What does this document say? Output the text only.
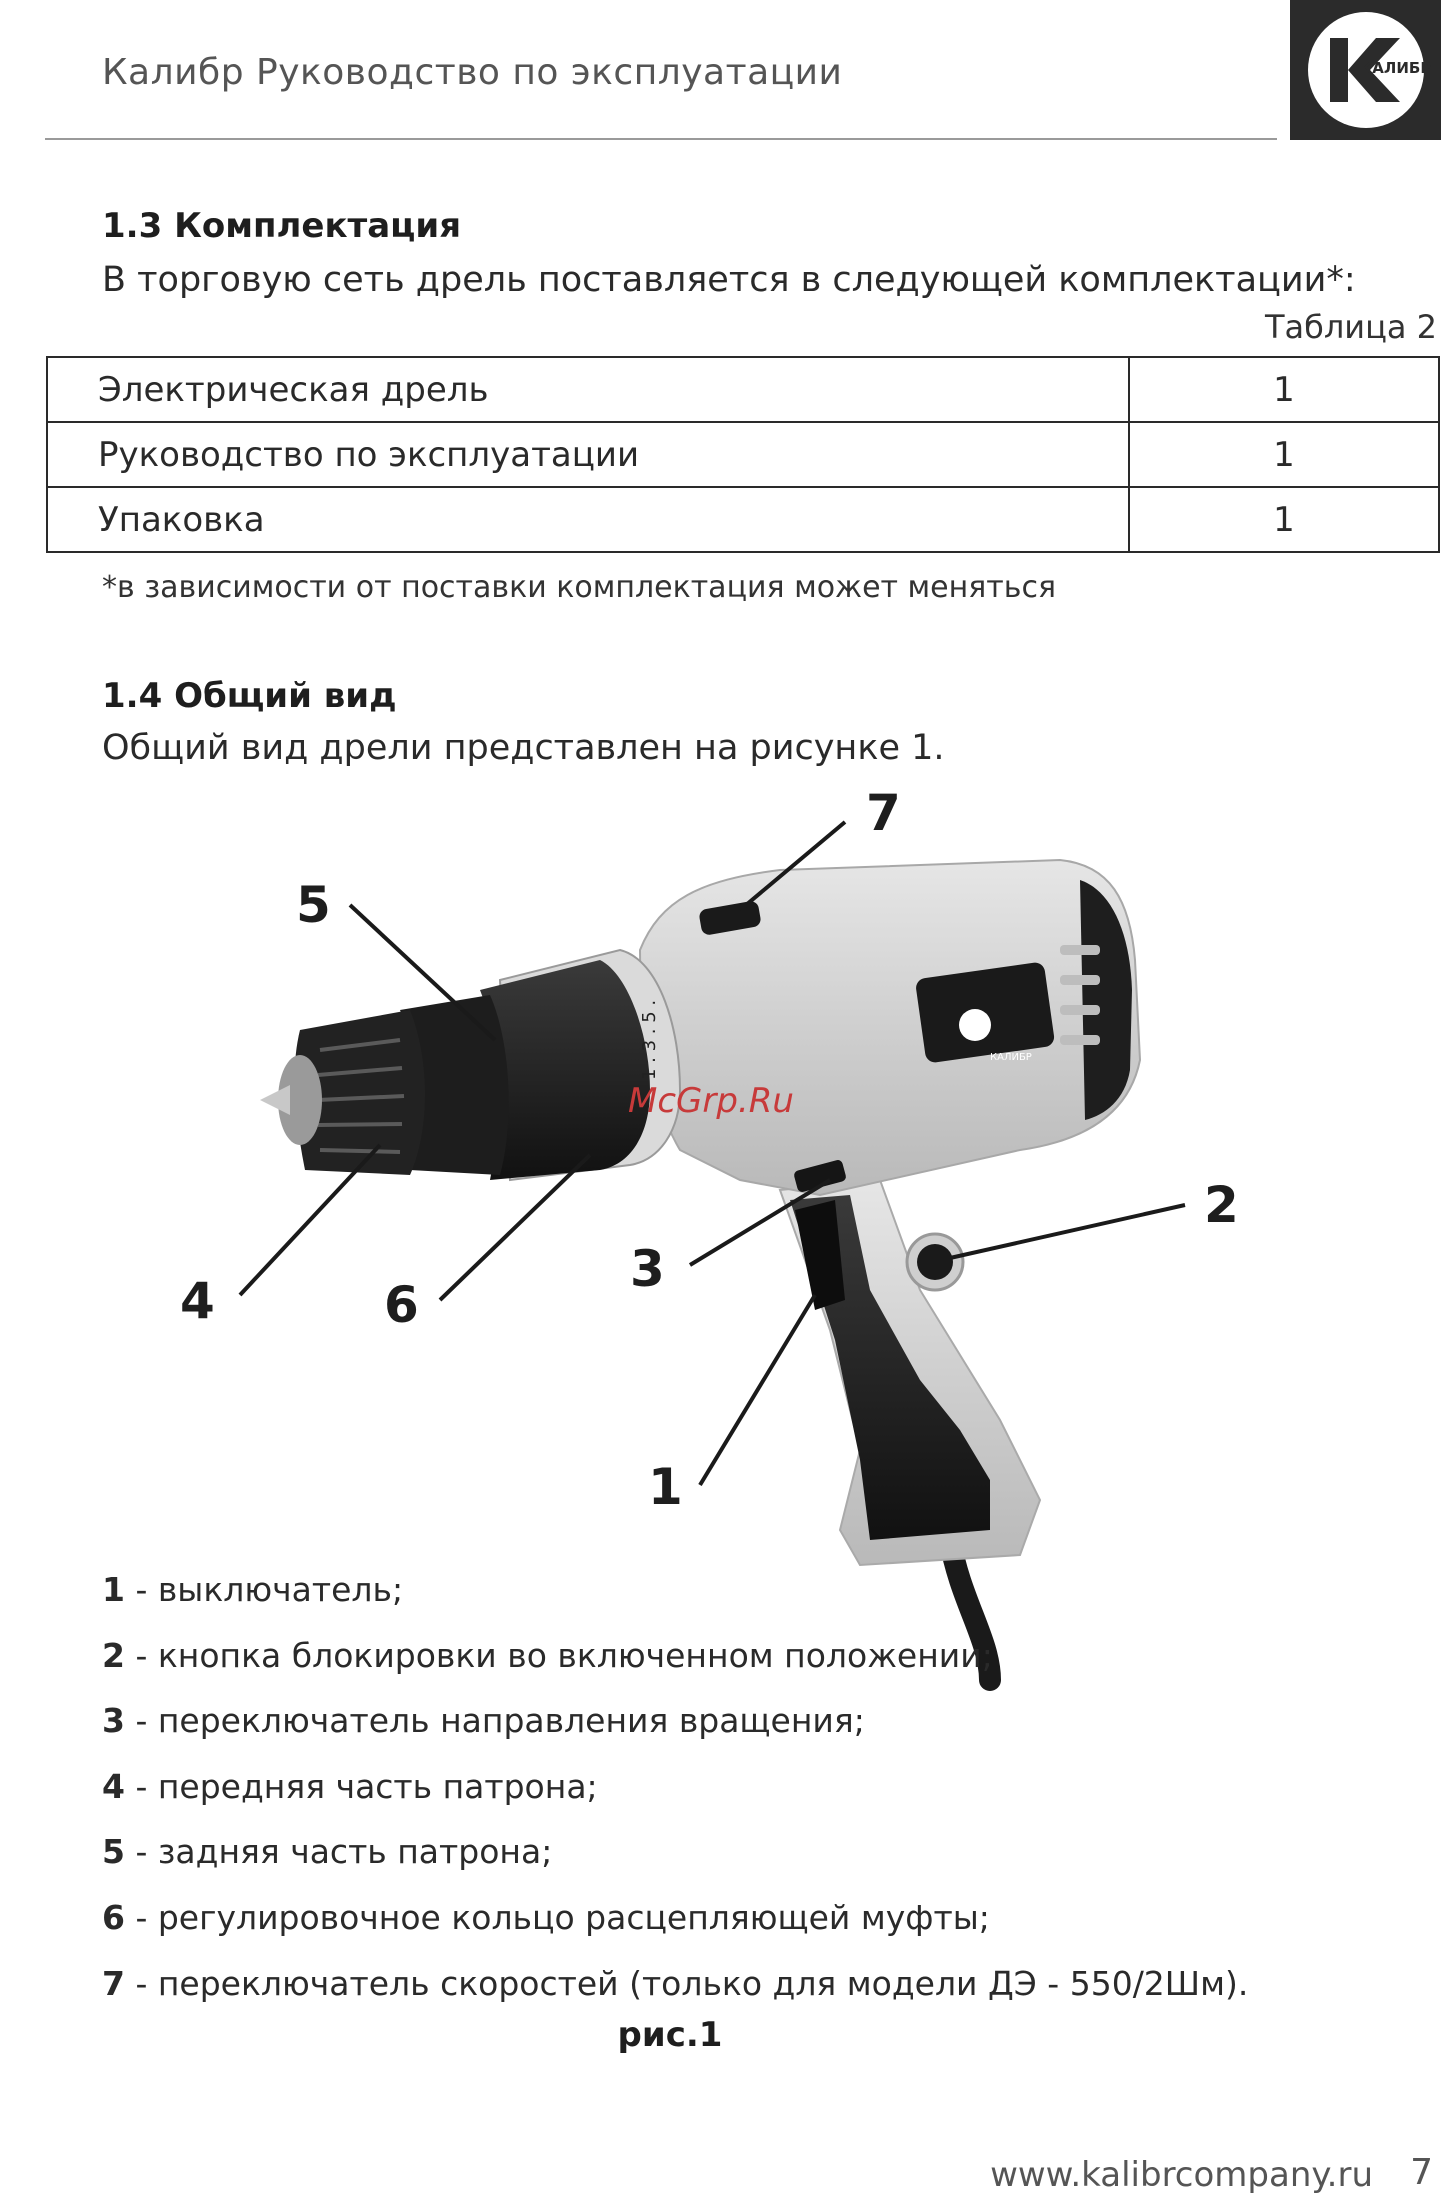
Калибр Руководство по эксплуатации	КАЛИБР
1.3 Комплектация
В торговую сеть дрель поставляется в следующей комплектации*:
Таблица 2
Электрическая дрель	1
Руководство по эксплуатации	1
Упаковка	1
*в зависимости от поставки комплектация может меняться
1.4 Общий вид
Общий вид дрели представлен на рисунке 1.
КАЛИБР
1 . 3 . 5 .
McGrp.Ru
1
2
3
4
5
6
7
1 - выключатель;
2 - кнопка блокировки во включенном положении;
3 - переключатель направления вращения;
4 - передняя часть патрона;
5 - задняя часть патрона;
6 - регулировочное кольцо расцепляющей муфты;
7 - переключатель скоростей (только для модели ДЭ - 550/2Шм).
рис.1
www.kalibrcompany.ru 7
